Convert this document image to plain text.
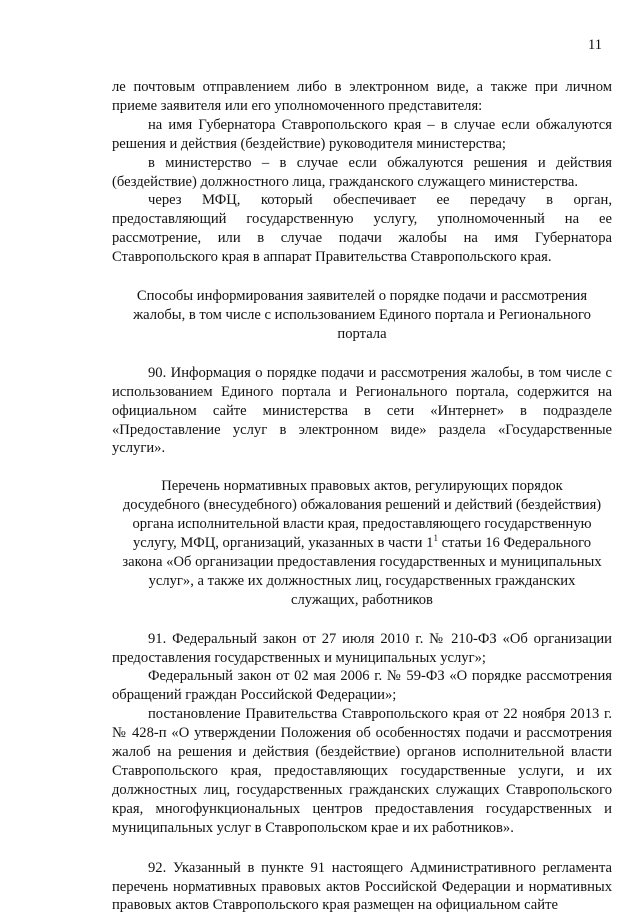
11

ле почтовым отправлением либо в электронном виде, а также при личном приеме заявителя или его уполномоченного представителя:

на имя Губернатора Ставропольского края – в случае если обжалуются решения и действия (бездействие) руководителя министерства;

в министерство – в случае если обжалуются решения и действия (бездействие) должностного лица, гражданского служащего министерства.

через МФЦ, который обеспечивает ее передачу в орган, предоставляющий государственную услугу, уполномоченный на ее рассмотрение, или в случае подачи жалобы на имя Губернатора Ставропольского края в аппарат Правительства Ставропольского края.

Способы информирования заявителей о порядке подачи и рассмотрения жалобы, в том числе с использованием Единого портала и Регионального портала

90. Информация о порядке подачи и рассмотрения жалобы, в том числе с использованием Единого портала и Регионального портала, содержится на официальном сайте министерства в сети «Интернет» в подразделе «Предоставление услуг в электронном виде» раздела «Государственные услуги».

Перечень нормативных правовых актов, регулирующих порядок досудебного (внесудебного) обжалования решений и действий (бездействия) органа исполнительной власти края, предоставляющего государственную услугу, МФЦ, организаций, указанных в части $1^1$ статьи 16 Федерального закона «Об организации предоставления государственных и муниципальных услуг», а также их должностных лиц, государственных гражданских служащих, работников

91. Федеральный закон от 27 июля 2010 г. № 210-ФЗ «Об организации предоставления государственных и муниципальных услуг»;

Федеральный закон от 02 мая 2006 г. № 59-ФЗ «О порядке рассмотрения обращений граждан Российской Федерации»;

постановление Правительства Ставропольского края от 22 ноября 2013 г. № 428-п «О утверждении Положения об особенностях подачи и рассмотрения жалоб на решения и действия (бездействие) органов исполнительной власти Ставропольского края, предоставляющих государственные услуги, и их должностных лиц, государственных гражданских служащих Ставропольского края, многофункциональных центров предоставления государственных и муниципальных услуг в Ставропольском крае и их работников».

92. Указанный в пункте 91 настоящего Административного регламента перечень нормативных правовых актов Российской Федерации и нормативных правовых актов Ставропольского края размещен на официальном сайте
